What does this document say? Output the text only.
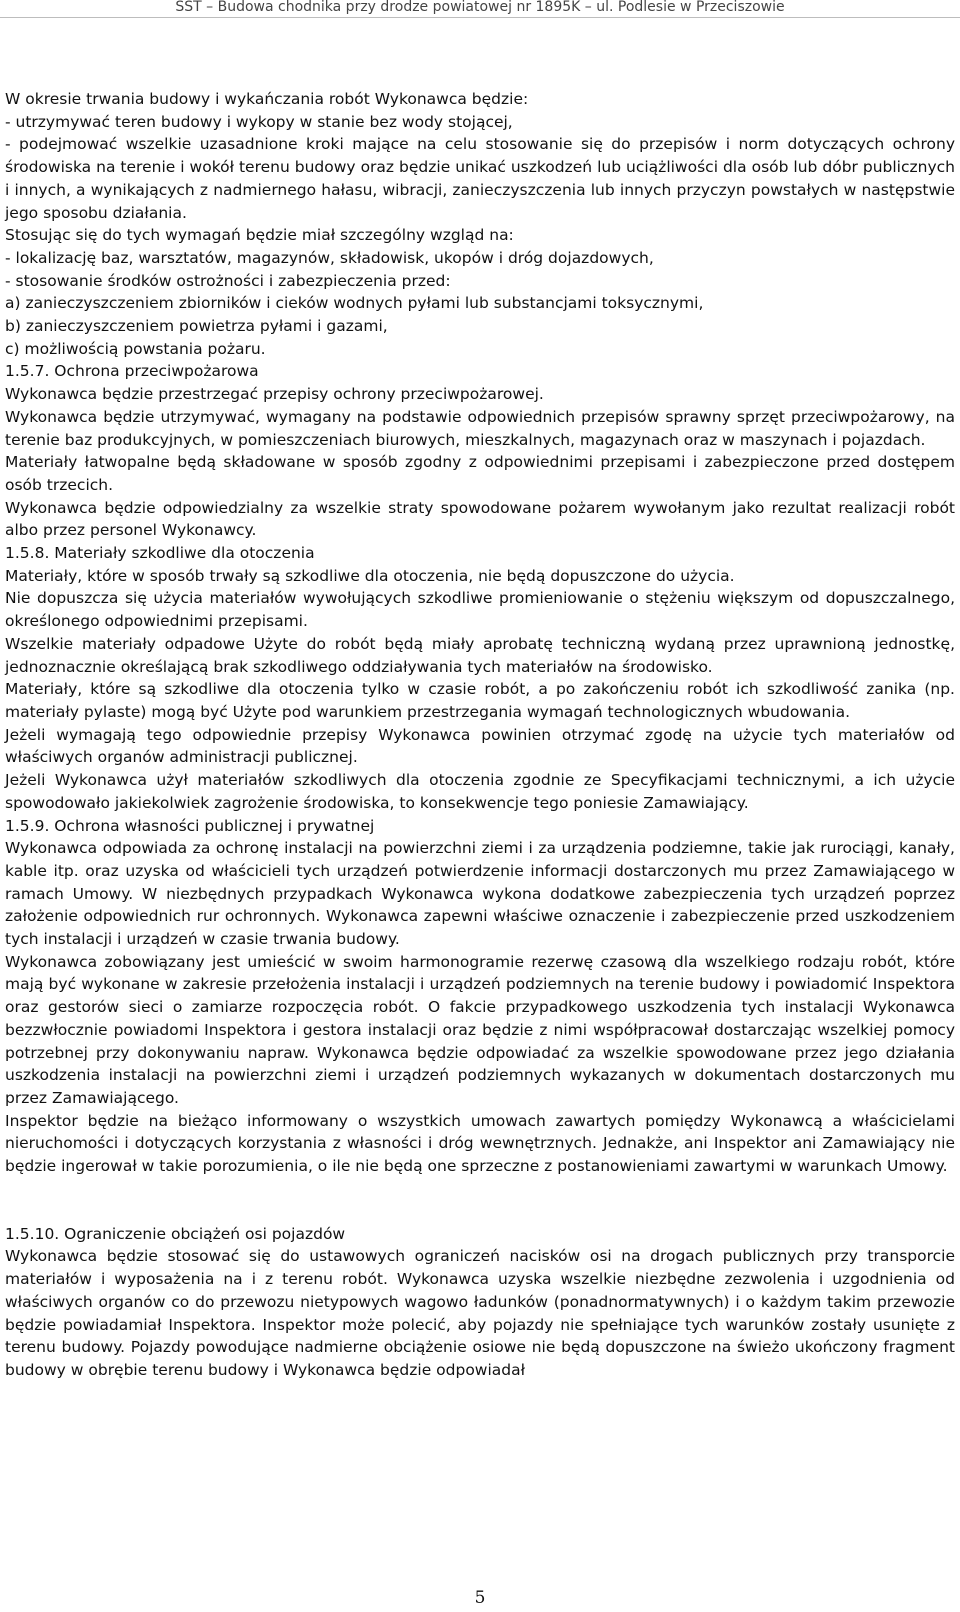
SST – Budowa chodnika przy drodze powiatowej nr 1895K – ul. Podlesie w Przeciszowie

W okresie trwania budowy i wykańczania robót Wykonawca będzie:

- utrzymywać teren budowy i wykopy w stanie bez wody stojącej,

- podejmować wszelkie uzasadnione kroki mające na celu stosowanie się do przepisów i norm dotyczących ochrony środowiska na terenie i wokół terenu budowy oraz będzie unikać uszkodzeń lub uciążliwości dla osób lub dóbr publicznych i innych, a wynikających z nadmiernego hałasu, wibracji, zanieczyszczenia lub innych przyczyn powstałych w następstwie jego sposobu działania.

Stosując się do tych wymagań będzie miał szczególny wzgląd na:

- lokalizację baz, warsztatów, magazynów, składowisk, ukopów i dróg dojazdowych,

- stosowanie środków ostrożności i zabezpieczenia przed:

a) zanieczyszczeniem zbiorników i cieków wodnych pyłami lub substancjami toksycznymi,

b) zanieczyszczeniem powietrza pyłami i gazami,

c) możliwością powstania pożaru.

1.5.7. Ochrona przeciwpożarowa

Wykonawca będzie przestrzegać przepisy ochrony przeciwpożarowej.

Wykonawca będzie utrzymywać, wymagany na podstawie odpowiednich przepisów sprawny sprzęt przeciwpożarowy, na terenie baz produkcyjnych, w pomieszczeniach biurowych, mieszkalnych, magazynach oraz w maszynach i pojazdach.

Materiały łatwopalne będą składowane w sposób zgodny z odpowiednimi przepisami i zabezpieczone przed dostępem osób trzecich.

Wykonawca będzie odpowiedzialny za wszelkie straty spowodowane pożarem wywołanym jako rezultat realizacji robót albo przez personel Wykonawcy.

1.5.8. Materiały szkodliwe dla otoczenia

Materiały, które w sposób trwały są szkodliwe dla otoczenia, nie będą dopuszczone do użycia.

Nie dopuszcza się użycia materiałów wywołujących szkodliwe promieniowanie o stężeniu większym od dopuszczalnego, określonego odpowiednimi przepisami.

Wszelkie materiały odpadowe Użyte do robót będą miały aprobatę techniczną wydaną przez uprawnioną jednostkę, jednoznacznie określającą brak szkodliwego oddziaływania tych materiałów na środowisko.

Materiały, które są szkodliwe dla otoczenia tylko w czasie robót, a po zakończeniu robót ich szkodliwość zanika (np. materiały pylaste) mogą być Użyte pod warunkiem przestrzegania wymagań technologicznych wbudowania.

Jeżeli wymagają tego odpowiednie przepisy Wykonawca powinien otrzymać zgodę na użycie tych materiałów od właściwych organów administracji publicznej.

Jeżeli Wykonawca użył materiałów szkodliwych dla otoczenia zgodnie ze Specyfikacjami technicznymi, a ich użycie spowodowało jakiekolwiek zagrożenie środowiska, to konsekwencje tego poniesie Zamawiający.

1.5.9. Ochrona własności publicznej i prywatnej

Wykonawca odpowiada za ochronę instalacji na powierzchni ziemi i za urządzenia podziemne, takie jak rurociągi, kanały, kable itp. oraz uzyska od właścicieli tych urządzeń potwierdzenie informacji dostarczonych mu przez Zamawiającego w ramach Umowy. W niezbędnych przypadkach Wykonawca wykona dodatkowe zabezpieczenia tych urządzeń poprzez założenie odpowiednich rur ochronnych. Wykonawca zapewni właściwe oznaczenie i zabezpieczenie przed uszkodzeniem tych instalacji i urządzeń w czasie trwania budowy.

Wykonawca zobowiązany jest umieścić w swoim harmonogramie rezerwę czasową dla wszelkiego rodzaju robót, które mają być wykonane w zakresie przełożenia instalacji i urządzeń podziemnych na terenie budowy i powiadomić Inspektora oraz gestorów sieci o zamiarze rozpoczęcia robót. O fakcie przypadkowego uszkodzenia tych instalacji Wykonawca bezzwłocznie powiadomi Inspektora i gestora instalacji oraz będzie z nimi współpracował dostarczając wszelkiej pomocy potrzebnej przy dokonywaniu napraw. Wykonawca będzie odpowiadać za wszelkie spowodowane przez jego działania uszkodzenia instalacji na powierzchni ziemi i urządzeń podziemnych wykazanych w dokumentach dostarczonych mu przez Zamawiającego.

Inspektor będzie na bieżąco informowany o wszystkich umowach zawartych pomiędzy Wykonawcą a właścicielami nieruchomości i dotyczących korzystania z własności i dróg wewnętrznych. Jednakże, ani Inspektor ani Zamawiający nie będzie ingerował w takie porozumienia, o ile nie będą one sprzeczne z postanowieniami zawartymi w warunkach Umowy.

1.5.10. Ograniczenie obciążeń osi pojazdów

Wykonawca będzie stosować się do ustawowych ograniczeń nacisków osi na drogach publicznych przy transporcie materiałów i wyposażenia na i z terenu robót. Wykonawca uzyska wszelkie niezbędne zezwolenia i uzgodnienia od właściwych organów co do przewozu nietypowych wagowo ładunków (ponadnormatywnych) i o każdym takim przewozie będzie powiadamiał Inspektora. Inspektor może polecić, aby pojazdy nie spełniające tych warunków zostały usunięte z terenu budowy. Pojazdy powodujące nadmierne obciążenie osiowe nie będą dopuszczone na świeżo ukończony fragment budowy w obrębie terenu budowy i Wykonawca będzie odpowiadał

5
